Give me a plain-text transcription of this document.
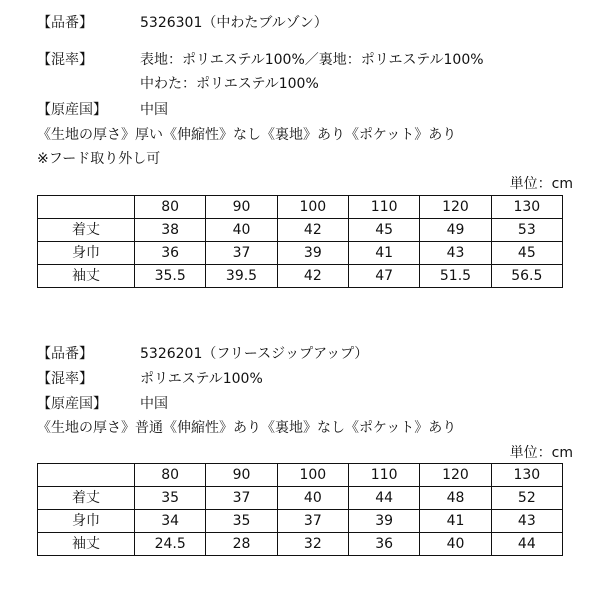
【品番】	5326301（中わたブルゾン）
【混率】	表地：ポリエステル100%／裏地：ポリエステル100%
中わた：ポリエステル100%
【原産国】 中国
《生地の厚さ》厚い《伸縮性》なし《裏地》あり《ポケット》あり
※フード取り外し可
単位：cm
	80	90	100	110	120	130
着丈	38	40	42	45	49	53
身巾	36	37	39	41	43	45
袖丈	35.5	39.5	42	47	51.5	56.5
【品番】	5326201（フリースジップアップ）
【混率】	ポリエステル100%
【原産国】 中国
《生地の厚さ》普通《伸縮性》あり《裏地》なし《ポケット》あり
単位：cm
	80	90	100	110	120	130
着丈	35	37	40	44	48	52
身巾	34	35	37	39	41	43
袖丈	24.5	28	32	36	40	44
